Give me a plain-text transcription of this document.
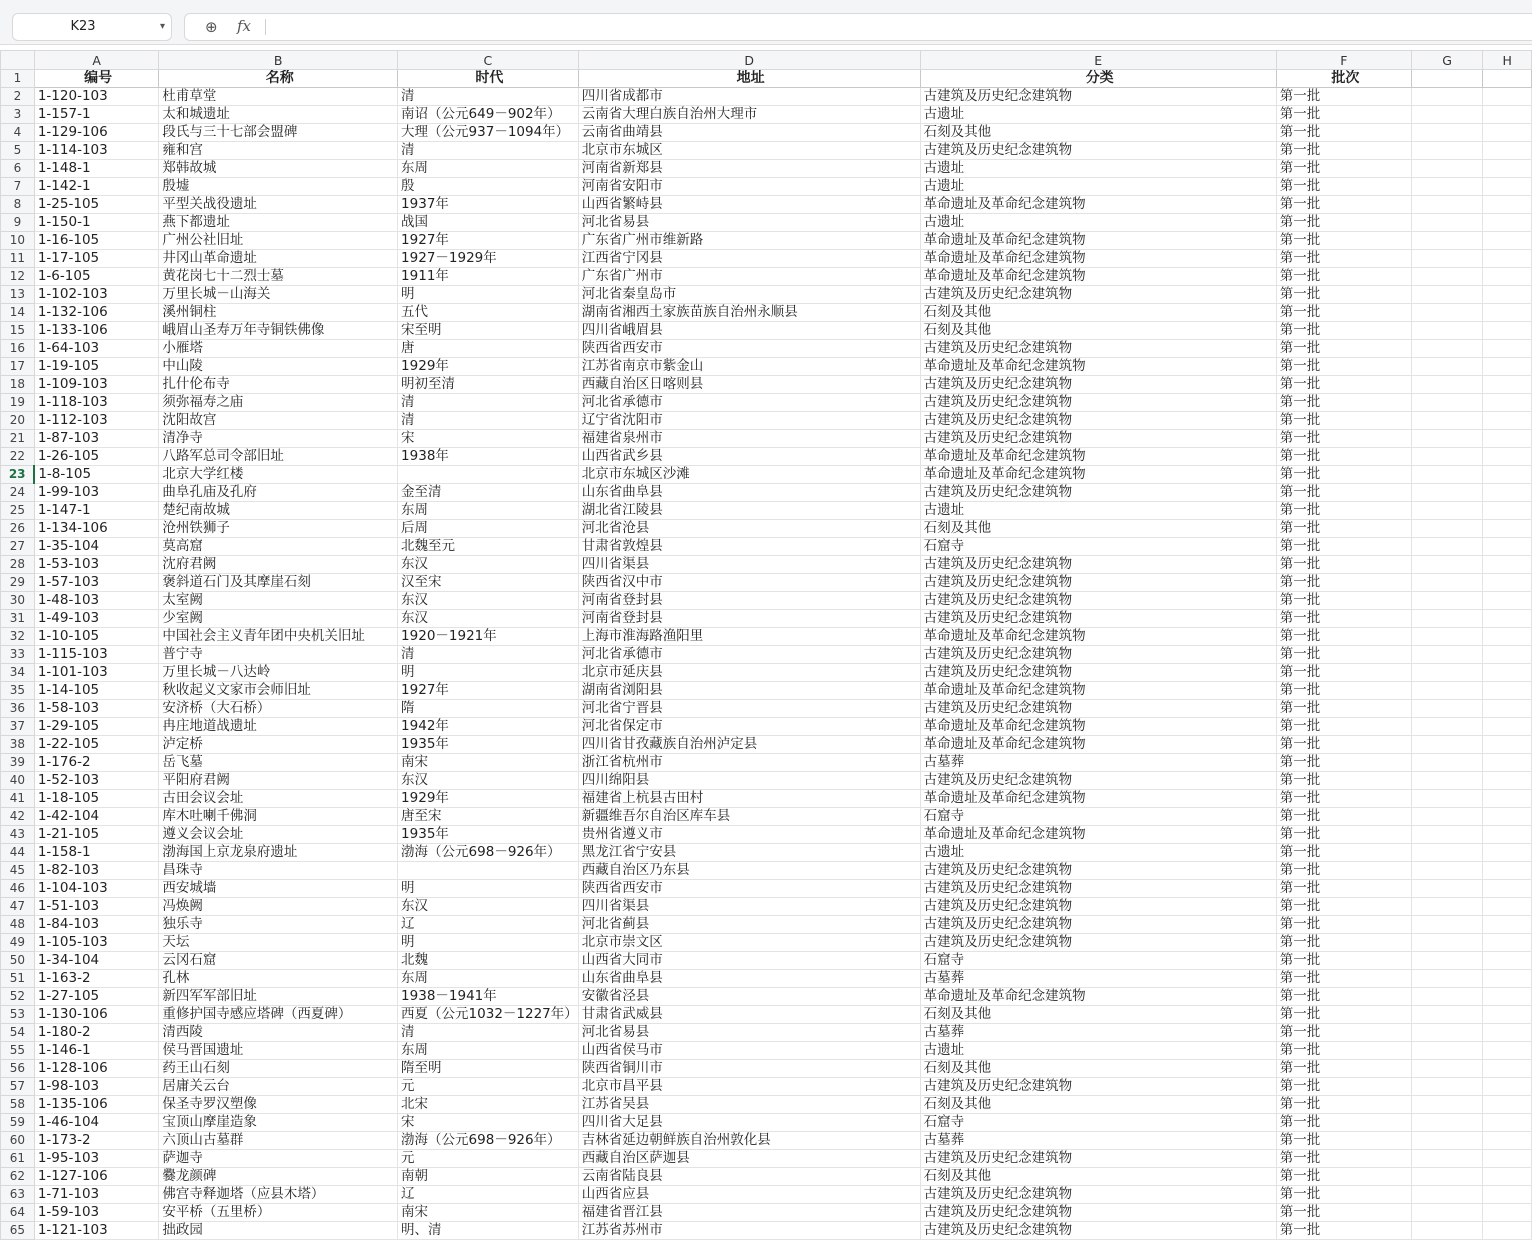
K23	▾	⊕ fx
	A	B	C	D	E	F	G	H
1	编号	名称	时代	地址	分类	批次		
2	1-120-103	杜甫草堂	清	四川省成都市	古建筑及历史纪念建筑物	第一批		
3	1-157-1	太和城遗址	南诏（公元649－902年）	云南省大理白族自治州大理市	古遗址	第一批		
4	1-129-106	段氏与三十七部会盟碑	大理（公元937－1094年）	云南省曲靖县	石刻及其他	第一批		
5	1-114-103	雍和宫	清	北京市东城区	古建筑及历史纪念建筑物	第一批		
6	1-148-1	郑韩故城	东周	河南省新郑县	古遗址	第一批		
7	1-142-1	殷墟	殷	河南省安阳市	古遗址	第一批		
8	1-25-105	平型关战役遗址	1937年	山西省繁峙县	革命遗址及革命纪念建筑物	第一批		
9	1-150-1	燕下都遗址	战国	河北省易县	古遗址	第一批		
10	1-16-105	广州公社旧址	1927年	广东省广州市维新路	革命遗址及革命纪念建筑物	第一批		
11	1-17-105	井冈山革命遗址	1927－1929年	江西省宁冈县	革命遗址及革命纪念建筑物	第一批		
12	1-6-105	黄花岗七十二烈士墓	1911年	广东省广州市	革命遗址及革命纪念建筑物	第一批		
13	1-102-103	万里长城－山海关	明	河北省秦皇岛市	古建筑及历史纪念建筑物	第一批		
14	1-132-106	溪州铜柱	五代	湖南省湘西土家族苗族自治州永顺县	石刻及其他	第一批		
15	1-133-106	峨眉山圣寿万年寺铜铁佛像	宋至明	四川省峨眉县	石刻及其他	第一批		
16	1-64-103	小雁塔	唐	陕西省西安市	古建筑及历史纪念建筑物	第一批		
17	1-19-105	中山陵	1929年	江苏省南京市紫金山	革命遗址及革命纪念建筑物	第一批		
18	1-109-103	扎什伦布寺	明初至清	西藏自治区日喀则县	古建筑及历史纪念建筑物	第一批		
19	1-118-103	须弥福寿之庙	清	河北省承德市	古建筑及历史纪念建筑物	第一批		
20	1-112-103	沈阳故宫	清	辽宁省沈阳市	古建筑及历史纪念建筑物	第一批		
21	1-87-103	清净寺	宋	福建省泉州市	古建筑及历史纪念建筑物	第一批		
22	1-26-105	八路军总司令部旧址	1938年	山西省武乡县	革命遗址及革命纪念建筑物	第一批		
23	1-8-105	北京大学红楼		北京市东城区沙滩	革命遗址及革命纪念建筑物	第一批		
24	1-99-103	曲阜孔庙及孔府	金至清	山东省曲阜县	古建筑及历史纪念建筑物	第一批		
25	1-147-1	楚纪南故城	东周	湖北省江陵县	古遗址	第一批		
26	1-134-106	沧州铁狮子	后周	河北省沧县	石刻及其他	第一批		
27	1-35-104	莫高窟	北魏至元	甘肃省敦煌县	石窟寺	第一批		
28	1-53-103	沈府君阙	东汉	四川省渠县	古建筑及历史纪念建筑物	第一批		
29	1-57-103	褒斜道石门及其摩崖石刻	汉至宋	陕西省汉中市	古建筑及历史纪念建筑物	第一批		
30	1-48-103	太室阙	东汉	河南省登封县	古建筑及历史纪念建筑物	第一批		
31	1-49-103	少室阙	东汉	河南省登封县	古建筑及历史纪念建筑物	第一批		
32	1-10-105	中国社会主义青年团中央机关旧址	1920－1921年	上海市淮海路渔阳里	革命遗址及革命纪念建筑物	第一批		
33	1-115-103	普宁寺	清	河北省承德市	古建筑及历史纪念建筑物	第一批		
34	1-101-103	万里长城－八达岭	明	北京市延庆县	古建筑及历史纪念建筑物	第一批		
35	1-14-105	秋收起义文家市会师旧址	1927年	湖南省浏阳县	革命遗址及革命纪念建筑物	第一批		
36	1-58-103	安济桥（大石桥）	隋	河北省宁晋县	古建筑及历史纪念建筑物	第一批		
37	1-29-105	冉庄地道战遗址	1942年	河北省保定市	革命遗址及革命纪念建筑物	第一批		
38	1-22-105	泸定桥	1935年	四川省甘孜藏族自治州泸定县	革命遗址及革命纪念建筑物	第一批		
39	1-176-2	岳飞墓	南宋	浙江省杭州市	古墓葬	第一批		
40	1-52-103	平阳府君阙	东汉	四川绵阳县	古建筑及历史纪念建筑物	第一批		
41	1-18-105	古田会议会址	1929年	福建省上杭县古田村	革命遗址及革命纪念建筑物	第一批		
42	1-42-104	库木吐喇千佛洞	唐至宋	新疆维吾尔自治区库车县	石窟寺	第一批		
43	1-21-105	遵义会议会址	1935年	贵州省遵义市	革命遗址及革命纪念建筑物	第一批		
44	1-158-1	渤海国上京龙泉府遗址	渤海（公元698－926年）	黑龙江省宁安县	古遗址	第一批		
45	1-82-103	昌珠寺		西藏自治区乃东县	古建筑及历史纪念建筑物	第一批		
46	1-104-103	西安城墙	明	陕西省西安市	古建筑及历史纪念建筑物	第一批		
47	1-51-103	冯焕阙	东汉	四川省渠县	古建筑及历史纪念建筑物	第一批		
48	1-84-103	独乐寺	辽	河北省蓟县	古建筑及历史纪念建筑物	第一批		
49	1-105-103	天坛	明	北京市崇文区	古建筑及历史纪念建筑物	第一批		
50	1-34-104	云冈石窟	北魏	山西省大同市	石窟寺	第一批		
51	1-163-2	孔林	东周	山东省曲阜县	古墓葬	第一批		
52	1-27-105	新四军军部旧址	1938－1941年	安徽省泾县	革命遗址及革命纪念建筑物	第一批		
53	1-130-106	重修护国寺感应塔碑（西夏碑）	西夏（公元1032－1227年）	甘肃省武威县	石刻及其他	第一批		
54	1-180-2	清西陵	清	河北省易县	古墓葬	第一批		
55	1-146-1	侯马晋国遗址	东周	山西省侯马市	古遗址	第一批		
56	1-128-106	药王山石刻	隋至明	陕西省铜川市	石刻及其他	第一批		
57	1-98-103	居庸关云台	元	北京市昌平县	古建筑及历史纪念建筑物	第一批		
58	1-135-106	保圣寺罗汉塑像	北宋	江苏省吴县	石刻及其他	第一批		
59	1-46-104	宝顶山摩崖造象	宋	四川省大足县	石窟寺	第一批		
60	1-173-2	六顶山古墓群	渤海（公元698－926年）	吉林省延边朝鲜族自治州敦化县	古墓葬	第一批		
61	1-95-103	萨迦寺	元	西藏自治区萨迦县	古建筑及历史纪念建筑物	第一批		
62	1-127-106	爨龙颜碑	南朝	云南省陆良县	石刻及其他	第一批		
63	1-71-103	佛宫寺释迦塔（应县木塔）	辽	山西省应县	古建筑及历史纪念建筑物	第一批		
64	1-59-103	安平桥（五里桥）	南宋	福建省晋江县	古建筑及历史纪念建筑物	第一批		
65	1-121-103	拙政园	明、清	江苏省苏州市	古建筑及历史纪念建筑物	第一批		
